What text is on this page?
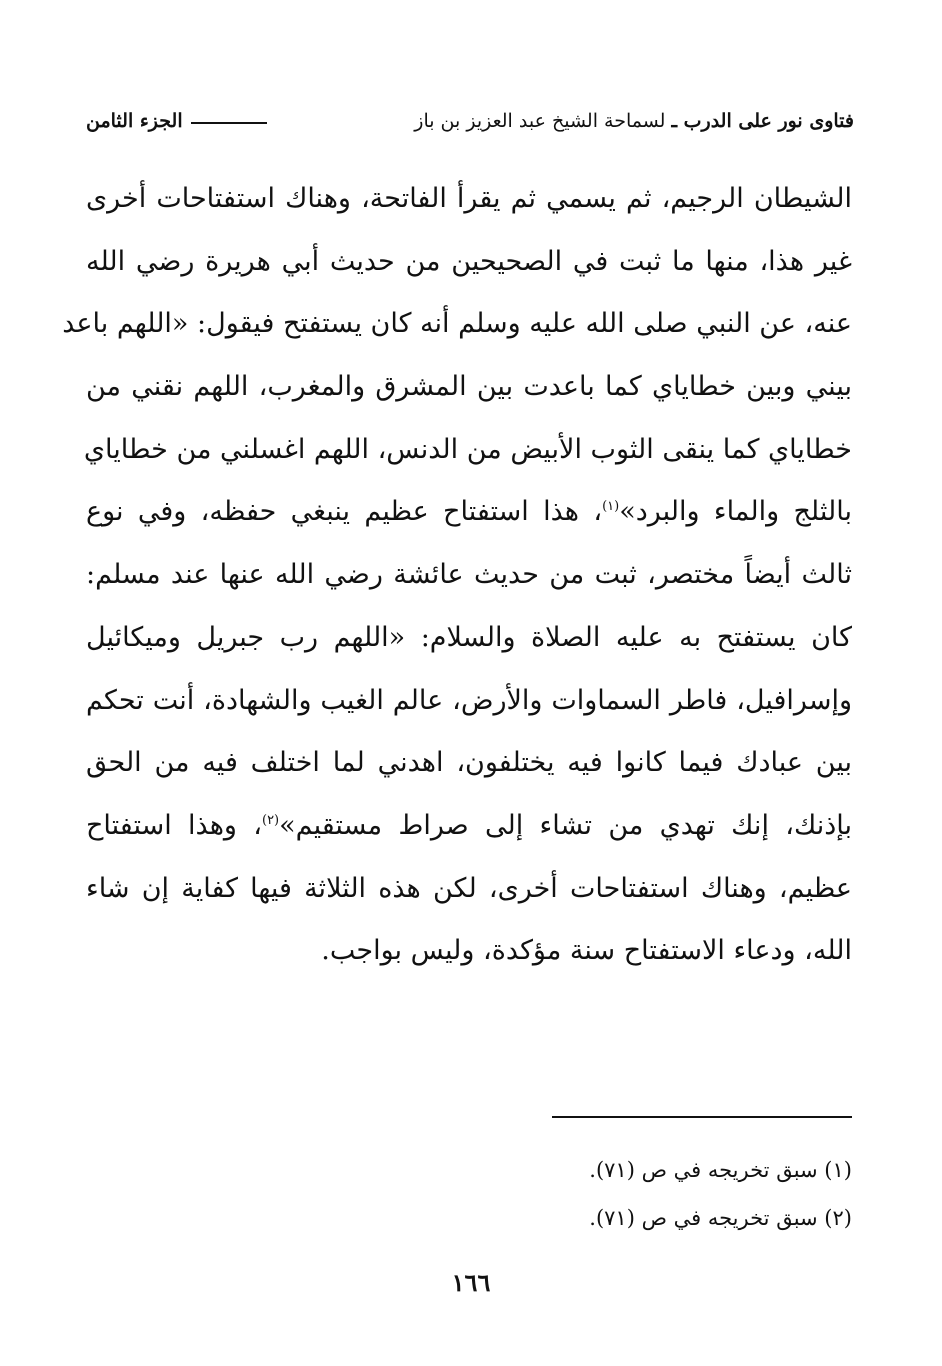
فتاوى نور على الدرب ـ
لسماحة الشيخ عبد العزيز بن باز
الجزء الثامن
الشيطان الرجيم، ثم يسمي ثم يقرأ الفاتحة، وهناك استفتاحات أخرى
غير هذا، منها ما ثبت في الصحيحين من حديث أبي هريرة رضي الله
عنه، عن النبي صلى الله عليه وسلم أنه كان يستفتح فيقول: «اللهم باعد
بيني وبين خطاياي كما باعدت بين المشرق والمغرب، اللهم نقني من
خطاياي كما ينقى الثوب الأبيض من الدنس، اللهم اغسلني من خطاياي
بالثلج والماء والبرد»$^{(١)}$، هذا استفتاح عظيم ينبغي حفظه، وفي نوع
ثالث أيضاً مختصر، ثبت من حديث عائشة رضي الله عنها عند مسلم:
كان يستفتح به عليه الصلاة والسلام: «اللهم رب جبريل وميكائيل
وإسرافيل، فاطر السماوات والأرض، عالم الغيب والشهادة، أنت تحكم
بين عبادك فيما كانوا فيه يختلفون، اهدني لما اختلف فيه من الحق
بإذنك، إنك تهدي من تشاء إلى صراط مستقيم»$^{(٢)}$، وهذا استفتاح
عظيم، وهناك استفتاحات أخرى، لكن هذه الثلاثة فيها كفاية إن شاء
الله، ودعاء الاستفتاح سنة مؤكدة، وليس بواجب.
(١) سبق تخريجه في ص (٧١).
(٢) سبق تخريجه في ص (٧١).
١٦٦
